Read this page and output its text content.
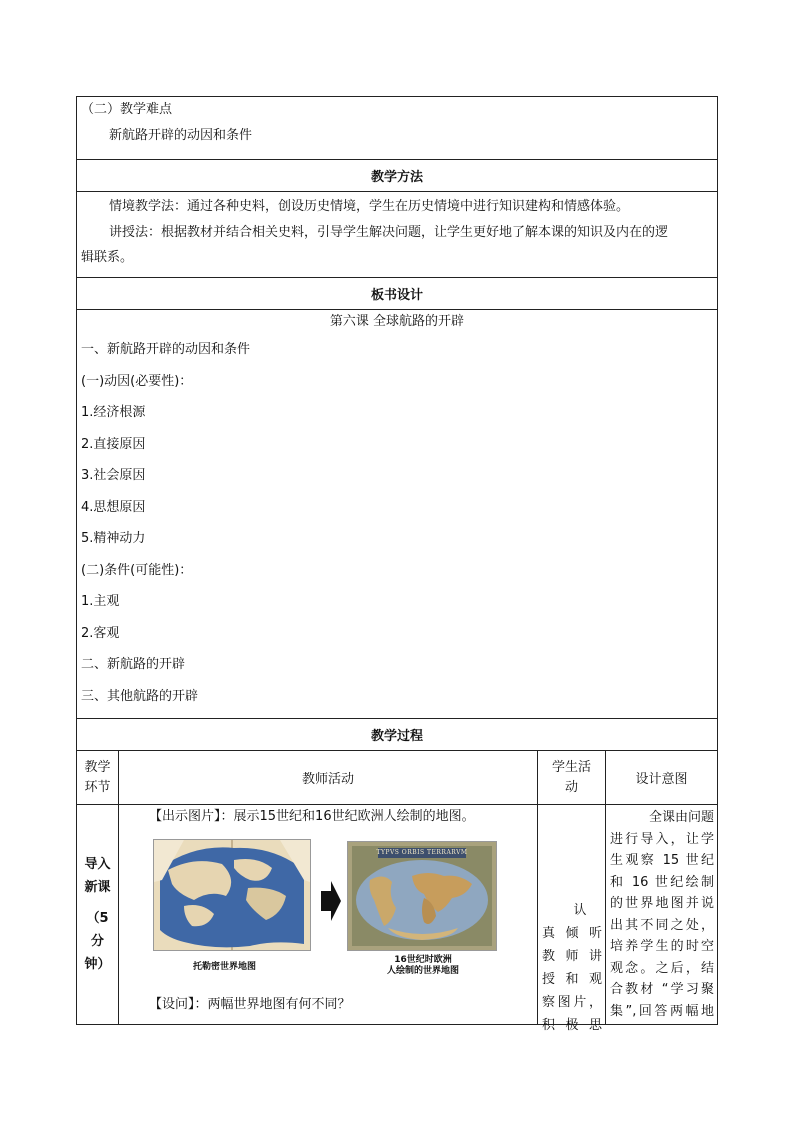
（二）教学难点
新航路开辟的动因和条件
教学方法
情境教学法：通过各种史料，创设历史情境，学生在历史情境中进行知识建构和情感体验。
讲授法：根据教材并结合相关史料，引导学生解决问题，让学生更好地了解本课的知识及内在的逻
辑联系。
板书设计
第六课 全球航路的开辟
一、新航路开辟的动因和条件
(一)动因(必要性)：
1.经济根源
2.直接原因
3.社会原因
4.思想原因
5.精神动力
(二)条件(可能性)：
1.主观
2.客观
二、新航路的开辟
三、其他航路的开辟
教学过程
教学
环节	教师活动
学生活
动	设计意图
导入
新课
（5
分
钟）
【出示图片】：展示15世纪和16世纪欧洲人绘制的地图。
托勒密世界地图
TYPVS ORBIS TERRARVM
16世纪时欧洲
人绘制的世界地图
【设问】：两幅世界地图有何不同？
认
真 倾 听
教 师 讲
授 和 观
察图片，
积 极 思
全课由问题
进行导入，让学
生观察 15 世纪
和 16 世纪绘制
的世界地图并说
出其不同之处，
培养学生的时空
观念。之后，结
合教材 “学习聚
集”,回答两幅地
